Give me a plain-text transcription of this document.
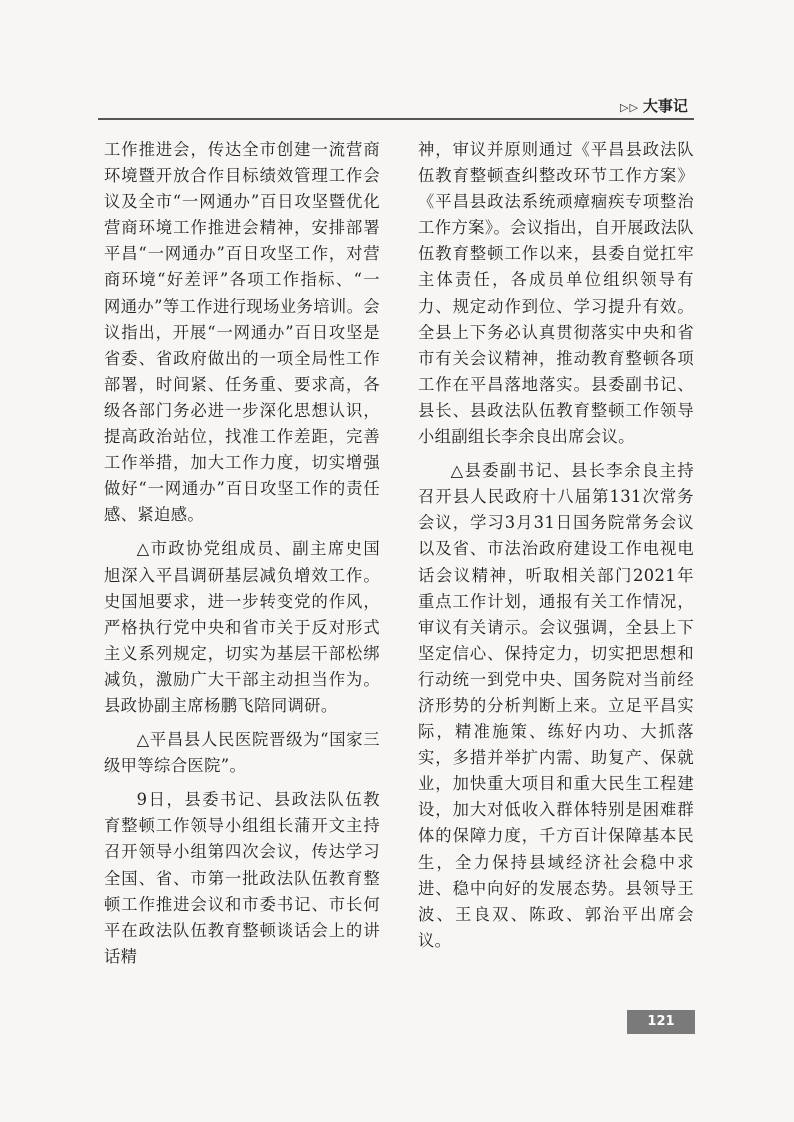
▷▷ 大事记

工作推进会，传达全市创建一流营商环境暨开放合作目标绩效管理工作会议及全市“一网通办”百日攻坚暨优化营商环境工作推进会精神，安排部署平昌“一网通办”百日攻坚工作，对营商环境“好差评”各项工作指标、“一网通办”等工作进行现场业务培训。会议指出，开展“一网通办”百日攻坚是省委、省政府做出的一项全局性工作部署，时间紧、任务重、要求高，各级各部门务必进一步深化思想认识，提高政治站位，找准工作差距，完善工作举措，加大工作力度，切实增强做好“一网通办”百日攻坚工作的责任感、紧迫感。

△市政协党组成员、副主席史国旭深入平昌调研基层减负增效工作。史国旭要求，进一步转变党的作风，严格执行党中央和省市关于反对形式主义系列规定，切实为基层干部松绑减负，激励广大干部主动担当作为。县政协副主席杨鹏飞陪同调研。

△平昌县人民医院晋级为“国家三级甲等综合医院”。

9日，县委书记、县政法队伍教育整顿工作领导小组组长蒲开文主持召开领导小组第四次会议，传达学习全国、省、市第一批政法队伍教育整顿工作推进会议和市委书记、市长何平在政法队伍教育整顿谈话会上的讲话精

神，审议并原则通过《平昌县政法队伍教育整顿查纠整改环节工作方案》《平昌县政法系统顽瘴痼疾专项整治工作方案》。会议指出，自开展政法队伍教育整顿工作以来，县委自觉扛牢主体责任，各成员单位组织领导有力、规定动作到位、学习提升有效。全县上下务必认真贯彻落实中央和省市有关会议精神，推动教育整顿各项工作在平昌落地落实。县委副书记、县长、县政法队伍教育整顿工作领导小组副组长李余良出席会议。

△县委副书记、县长李余良主持召开县人民政府十八届第131次常务会议，学习3月31日国务院常务会议以及省、市法治政府建设工作电视电话会议精神，听取相关部门2021年重点工作计划，通报有关工作情况，审议有关请示。会议强调，全县上下坚定信心、保持定力，切实把思想和行动统一到党中央、国务院对当前经济形势的分析判断上来。立足平昌实际，精准施策、练好内功、大抓落实，多措并举扩内需、助复产、保就业，加快重大项目和重大民生工程建设，加大对低收入群体特别是困难群体的保障力度，千方百计保障基本民生，全力保持县域经济社会稳中求进、稳中向好的发展态势。县领导王波、王良双、陈政、郭治平出席会议。

121
